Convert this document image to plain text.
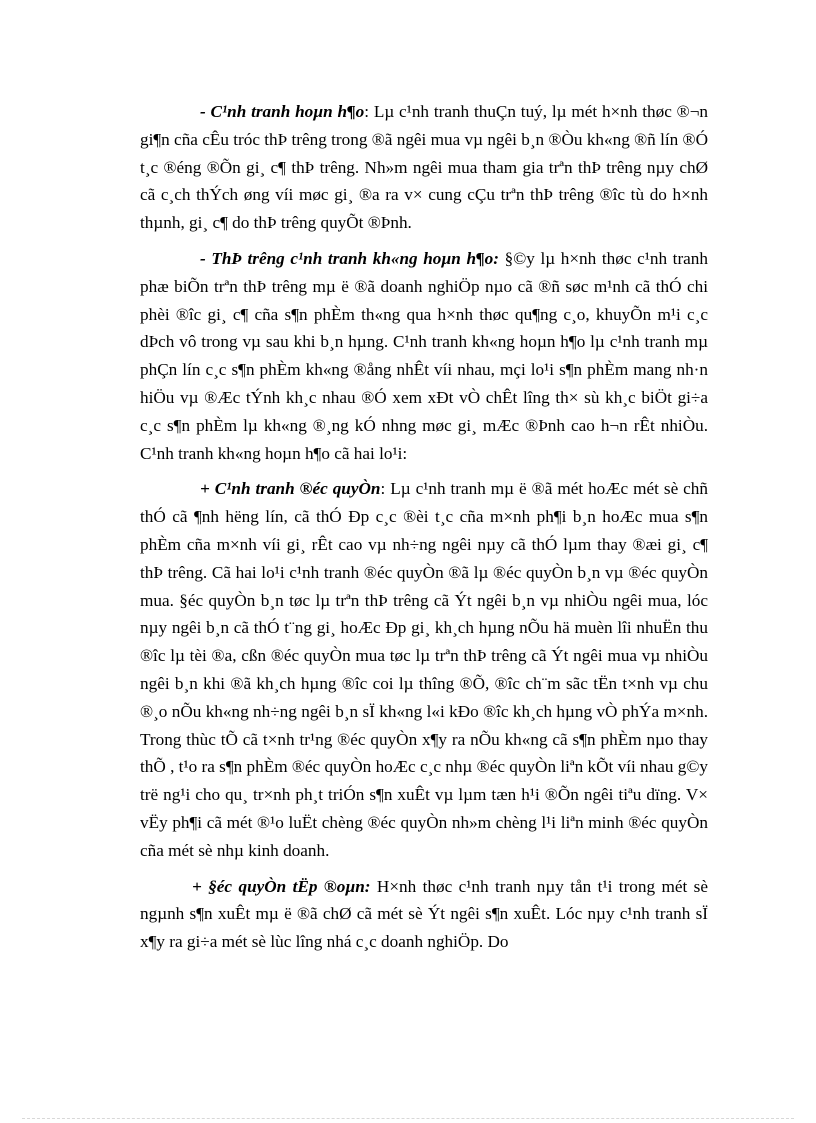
- C¹nh tranh hoµn h¶o: Lµ c¹nh tranh thuÇn tuý, lµ mét h×nh thøc ®¬n gi¶n cña cÊu tróc thÞ trêng trong ®ã ngêi mua vµ ngêi b¸n ®Òu kh«ng ®ñ lín ®Ó t¸c ®éng ®Õn gi¸ c¶ thÞ trêng. Nh»m ngêi mua tham gia trªn thÞ trêng nµy chØ cã c¸ch thÝch øng víi møc gi¸ ®a ra v× cung cÇu trªn thÞ trêng ®îc tù do h×nh thµnh, gi¸ c¶ do thÞ trêng quyÕt ®Þnh.

- ThÞ trêng c¹nh tranh kh«ng hoµn h¶o: §©y lµ h×nh thøc c¹nh tranh phæ biÕn trªn thÞ trêng mµ ë ®ã doanh nghiÖp nµo cã ®ñ søc m¹nh cã thÓ chi phèi ®îc gi¸ c¶ cña s¶n phÈm th«ng qua h×nh thøc qu¶ng c¸o, khuyÕn m¹i c¸c dÞch vô trong vµ sau khi b¸n hµng. C¹nh tranh kh«ng hoµn h¶o lµ c¹nh tranh mµ phÇn lín c¸c s¶n phÈm kh«ng ®ång nhÊt víi nhau, mçi lo¹i s¶n phÈm mang nh·n hiÖu vµ ®Æc tÝnh kh¸c nhau ®Ó xem xÐt vÒ chÊt lîng th× sù kh¸c biÖt gi÷a c¸c s¶n phÈm lµ kh«ng ®¸ng kÓ nhng møc gi¸ mÆc ®Þnh cao h¬n rÊt nhiÒu. C¹nh tranh kh«ng hoµn h¶o cã hai lo¹i:

+ C¹nh tranh ®éc quyÒn: Lµ c¹nh tranh mµ ë ®ã mét hoÆc mét sè chñ thÓ cã ¶nh hëng lín, cã thÓ Ðp c¸c ®èi t¸c cña m×nh ph¶i b¸n hoÆc mua s¶n phÈm cña m×nh víi gi¸ rÊt cao vµ nh÷ng ngêi nµy cã thÓ lµm thay ®æi gi¸ c¶ thÞ trêng. Cã hai lo¹i c¹nh tranh ®éc quyÒn ®ã lµ ®éc quyÒn b¸n vµ ®éc quyÒn mua. §éc quyÒn b¸n tøc lµ trªn thÞ trêng cã Ýt ngêi b¸n vµ nhiÒu ngêi mua, lóc nµy ngêi b¸n cã thÓ t¨ng gi¸ hoÆc Ðp gi¸ kh¸ch hµng nÕu hä muèn lîi nhuËn thu ®îc lµ tèi ®a, cßn ®éc quyÒn mua tøc lµ trªn thÞ trêng cã Ýt ngêi mua vµ nhiÒu ngêi b¸n khi ®ã kh¸ch hµng ®îc coi lµ thîng ®Õ, ®îc ch¨m sãc tËn t×nh vµ chu ®¸o nÕu kh«ng nh÷ng ngêi b¸n sÏ kh«ng l«i kÐo ®îc kh¸ch hµng vÒ phÝa m×nh. Trong thùc tÕ cã t×nh tr¹ng ®éc quyÒn x¶y ra nÕu kh«ng cã s¶n phÈm nµo thay thÕ , t¹o ra s¶n phÈm ®éc quyÒn hoÆc c¸c nhµ ®éc quyÒn liªn kÕt víi nhau g©y trë ng¹i cho qu¸ tr×nh ph¸t triÓn s¶n xuÊt vµ lµm tæn h¹i ®Õn ngêi tiªu dïng. V× vËy ph¶i cã mét ®¹o luËt chèng ®éc quyÒn nh»m chèng l¹i liªn minh ®éc quyÒn cña mét sè nhµ kinh doanh.

+ §éc quyÒn tËp ®oµn: H×nh thøc c¹nh tranh nµy tån t¹i trong mét sè ngµnh s¶n xuÊt mµ ë ®ã chØ cã mét sè Ýt ngêi s¶n xuÊt. Lóc nµy c¹nh tranh sÏ x¶y ra gi÷a mét sè lùc lîng nhá c¸c doanh nghiÖp. Do
